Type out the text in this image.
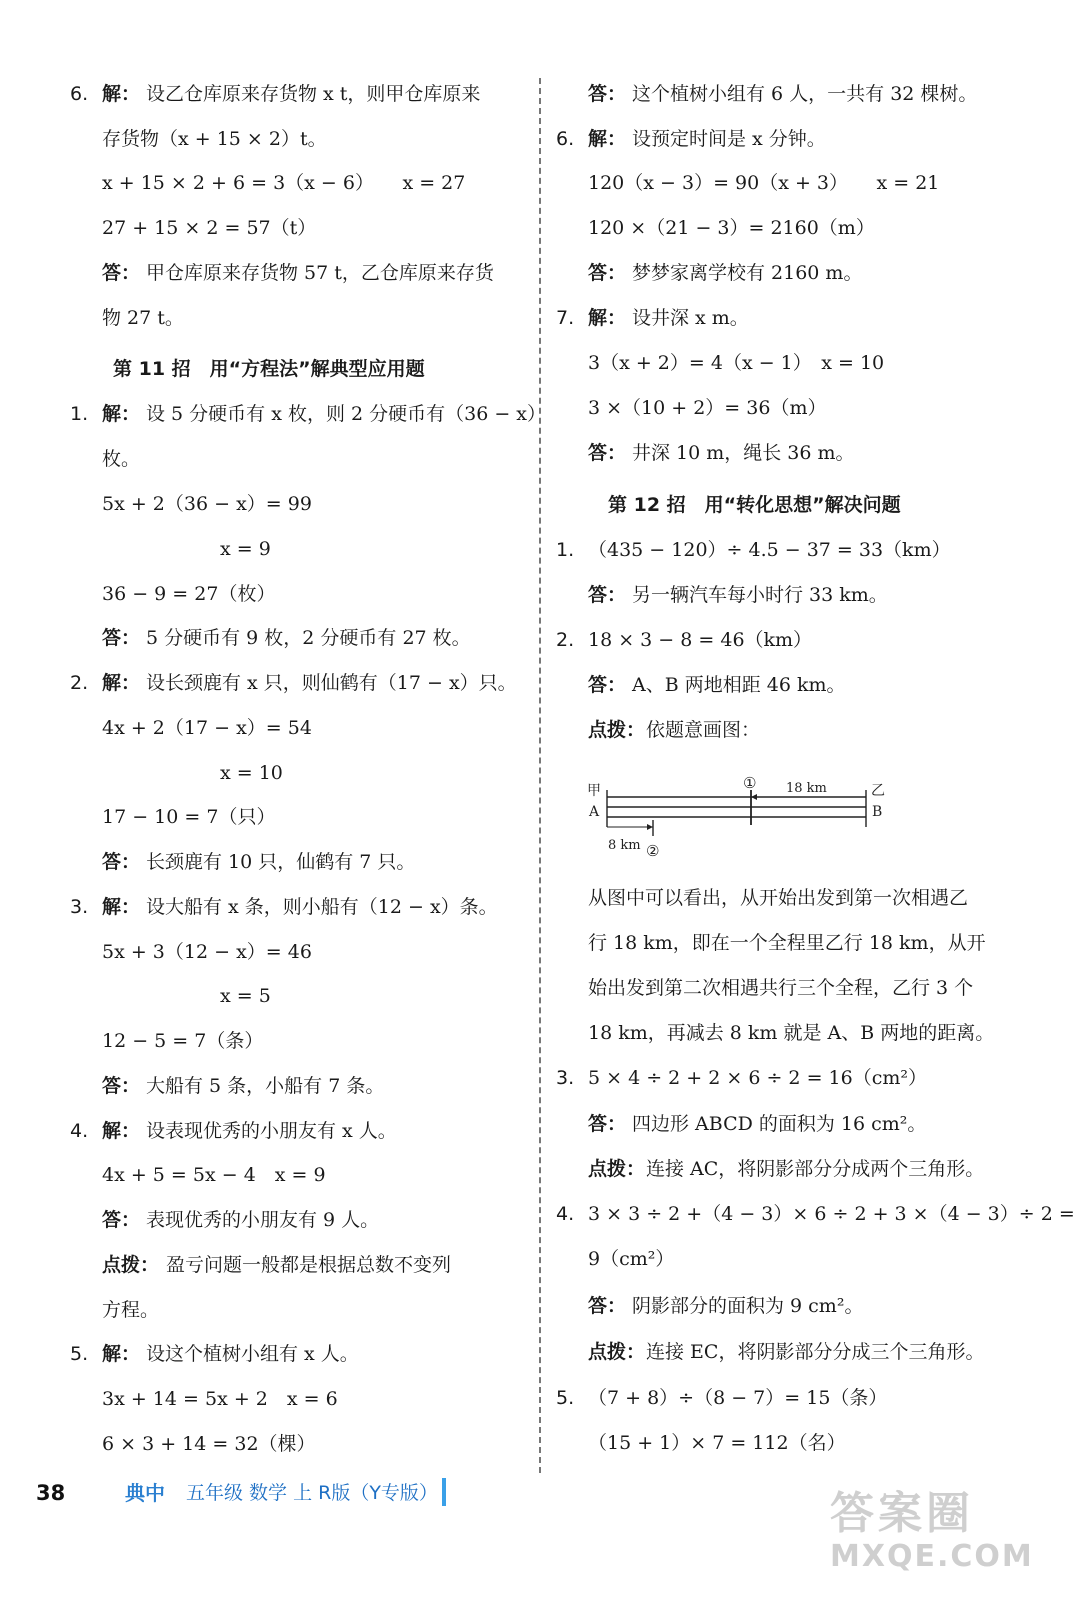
6. 解： 设乙仓库原来存货物 x t，则甲仓库原来
存货物（x + 15 × 2）t。
x + 15 × 2 + 6 = 3（x − 6）　　x = 27
27 + 15 × 2 = 57（t）
答： 甲仓库原来存货物 57 t，乙仓库原来存货
物 27 t。
第 11 招　用“方程法”解典型应用题
1. 解： 设 5 分硬币有 x 枚，则 2 分硬币有（36 − x）
枚。
5x + 2（36 − x）= 99
x = 9
36 − 9 = 27（枚）
答： 5 分硬币有 9 枚，2 分硬币有 27 枚。
2. 解： 设长颈鹿有 x 只，则仙鹤有（17 − x）只。
4x + 2（17 − x）= 54
x = 10
17 − 10 = 7（只）
答： 长颈鹿有 10 只，仙鹤有 7 只。
3. 解： 设大船有 x 条，则小船有（12 − x）条。
5x + 3（12 − x）= 46
x = 5
12 − 5 = 7（条）
答： 大船有 5 条，小船有 7 条。
4. 解： 设表现优秀的小朋友有 x 人。
4x + 5 = 5x − 4　x = 9
答： 表现优秀的小朋友有 9 人。
点拨： 盈亏问题一般都是根据总数不变列
方程。
5. 解： 设这个植树小组有 x 人。
3x + 14 = 5x + 2　x = 6
6 × 3 + 14 = 32（棵）
答： 这个植树小组有 6 人，一共有 32 棵树。
6. 解： 设预定时间是 x 分钟。
120（x − 3）= 90（x + 3）　　x = 21
120 ×（21 − 3）= 2160（m）
答： 梦梦家离学校有 2160 m。
7. 解： 设井深 x m。
3（x + 2）= 4（x − 1）　x = 10
3 ×（10 + 2）= 36（m）
答： 井深 10 m，绳长 36 m。
第 12 招　用“转化思想”解决问题
1. （435 − 120）÷ 4.5 − 37 = 33（km）
答： 另一辆汽车每小时行 33 km。
2. 18 × 3 − 8 = 46（km）
答： A、B 两地相距 46 km。
点拨： 依题意画图：
甲
A
乙
B
①
②
18 km
8 km
从图中可以看出，从开始出发到第一次相遇乙
行 18 km，即在一个全程里乙行 18 km，从开
始出发到第二次相遇共行三个全程，乙行 3 个
18 km，再减去 8 km 就是 A、B 两地的距离。
3. 5 × 4 ÷ 2 + 2 × 6 ÷ 2 = 16（cm²）
答： 四边形 ABCD 的面积为 16 cm²。
点拨： 连接 AC，将阴影部分分成两个三角形。
4. 3 × 3 ÷ 2 +（4 − 3）× 6 ÷ 2 + 3 ×（4 − 3）÷ 2 =
9（cm²）
答： 阴影部分的面积为 9 cm²。
点拨： 连接 EC，将阴影部分分成三个三角形。
5. （7 + 8）÷（8 − 7）= 15（条）
（15 + 1）× 7 = 112（名）
38	典中 五年级 数学 上 R版（Y专版）	答案圈
MXQE.COM
